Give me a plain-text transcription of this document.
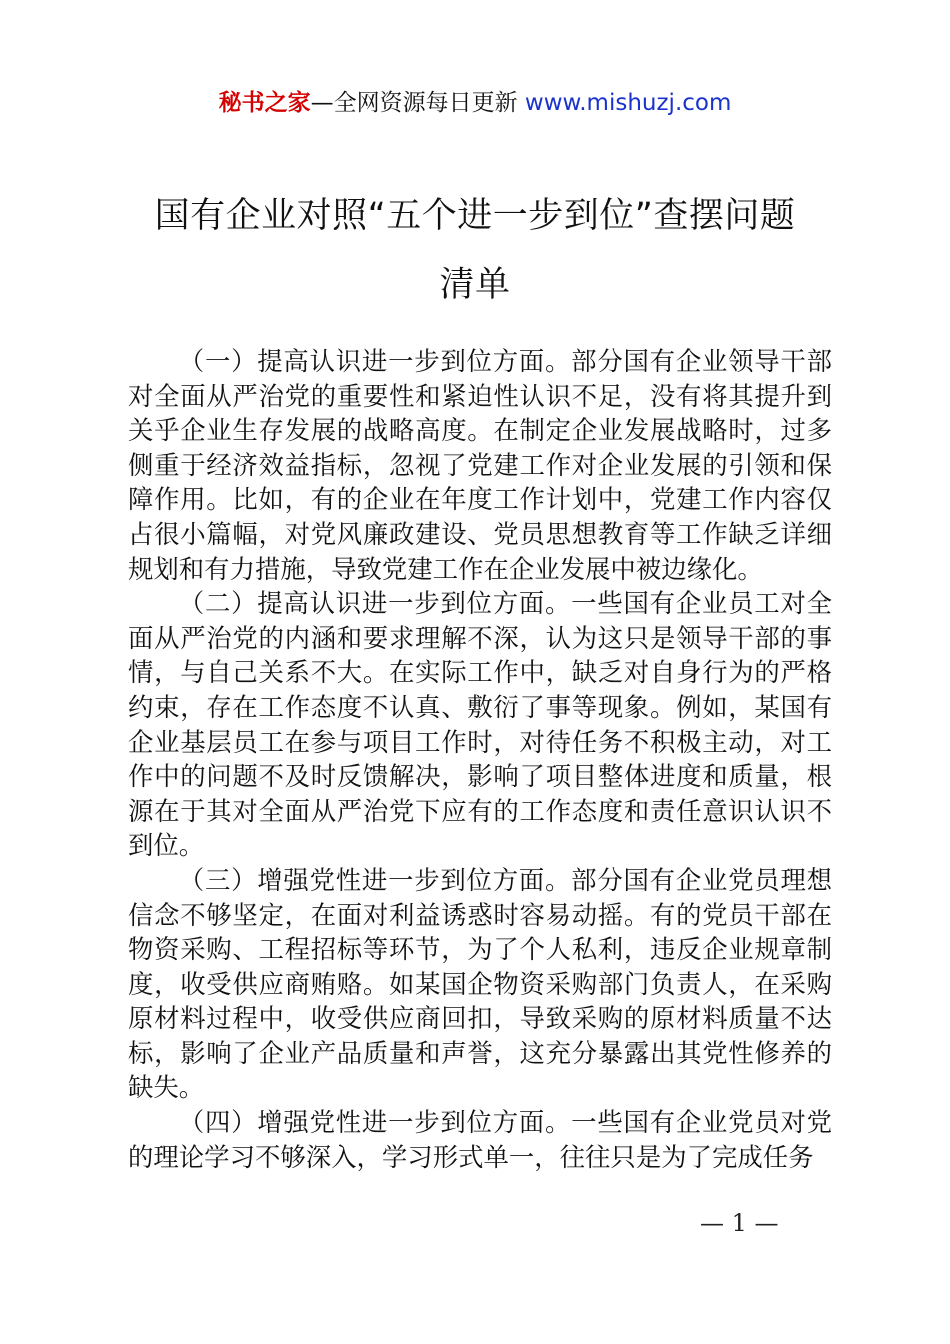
秘书之家—全网资源每日更新 www.mishuzj.com
国有企业对照“五个进一步到位”查摆问题
清单

（一）提高认识进一步到位方面。部分国有企业领导干部对全面从严治党的重要性和紧迫性认识不足，没有将其提升到关乎企业生存发展的战略高度。在制定企业发展战略时，过多侧重于经济效益指标，忽视了党建工作对企业发展的引领和保障作用。比如，有的企业在年度工作计划中，党建工作内容仅占很小篇幅，对党风廉政建设、党员思想教育等工作缺乏详细规划和有力措施，导致党建工作在企业发展中被边缘化。

（二）提高认识进一步到位方面。一些国有企业员工对全面从严治党的内涵和要求理解不深，认为这只是领导干部的事情，与自己关系不大。在实际工作中，缺乏对自身行为的严格约束，存在工作态度不认真、敷衍了事等现象。例如，某国有企业基层员工在参与项目工作时，对待任务不积极主动，对工作中的问题不及时反馈解决，影响了项目整体进度和质量，根源在于其对全面从严治党下应有的工作态度和责任意识认识不到位。

（三）增强党性进一步到位方面。部分国有企业党员理想信念不够坚定，在面对利益诱惑时容易动摇。有的党员干部在物资采购、工程招标等环节，为了个人私利，违反企业规章制度，收受供应商贿赂。如某国企物资采购部门负责人，在采购原材料过程中，收受供应商回扣，导致采购的原材料质量不达标，影响了企业产品质量和声誉，这充分暴露出其党性修养的缺失。

（四）增强党性进一步到位方面。一些国有企业党员对党的理论学习不够深入，学习形式单一，往往只是为了完成任务

— 1 —
